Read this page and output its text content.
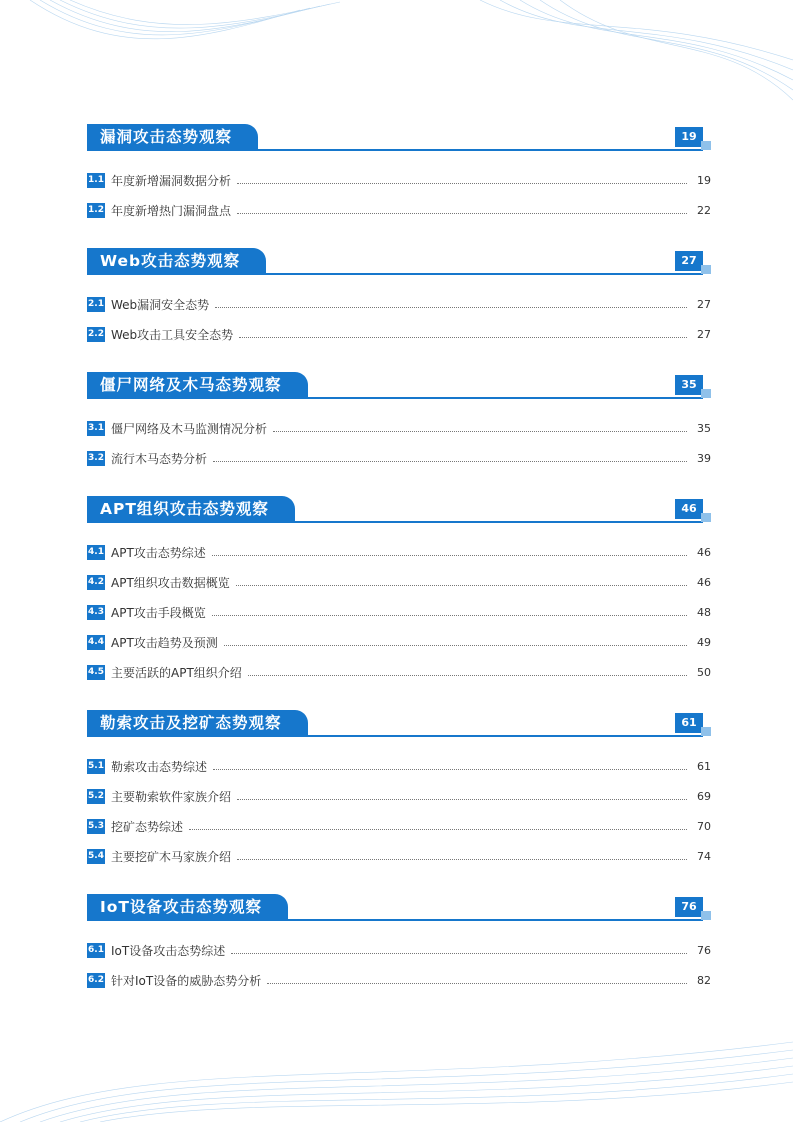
漏洞攻击态势观察	19
1.1 年度新增漏洞数据分析	19
1.2 年度新增热门漏洞盘点	22
Web攻击态势观察	27
2.1 Web漏洞安全态势	27
2.2 Web攻击工具安全态势	27
僵尸网络及木马态势观察	35
3.1 僵尸网络及木马监测情况分析	35
3.2 流行木马态势分析	39
APT组织攻击态势观察	46
4.1 APT攻击态势综述	46
4.2 APT组织攻击数据概览	46
4.3 APT攻击手段概览	48
4.4 APT攻击趋势及预测	49
4.5 主要活跃的APT组织介绍	50
勒索攻击及挖矿态势观察	61
5.1 勒索攻击态势综述	61
5.2 主要勒索软件家族介绍	69
5.3 挖矿态势综述	70
5.4 主要挖矿木马家族介绍	74
IoT设备攻击态势观察	76
6.1 IoT设备攻击态势综述	76
6.2 针对IoT设备的威胁态势分析	82
